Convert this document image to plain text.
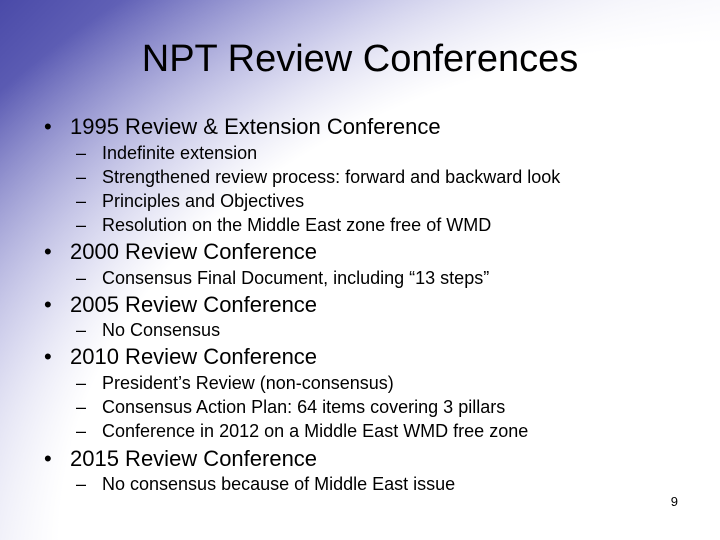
NPT Review Conferences
• 1995 Review & Extension Conference
– Indefinite extension
– Strengthened review process: forward and backward look
– Principles and Objectives
– Resolution on the Middle East zone free of WMD
• 2000 Review Conference
– Consensus Final Document, including “13 steps”
• 2005 Review Conference
– No Consensus
• 2010 Review Conference
– President’s Review (non-consensus)
– Consensus Action Plan: 64 items covering 3 pillars
– Conference in 2012 on a Middle East WMD free zone
• 2015 Review Conference
– No consensus because of Middle East issue
9
